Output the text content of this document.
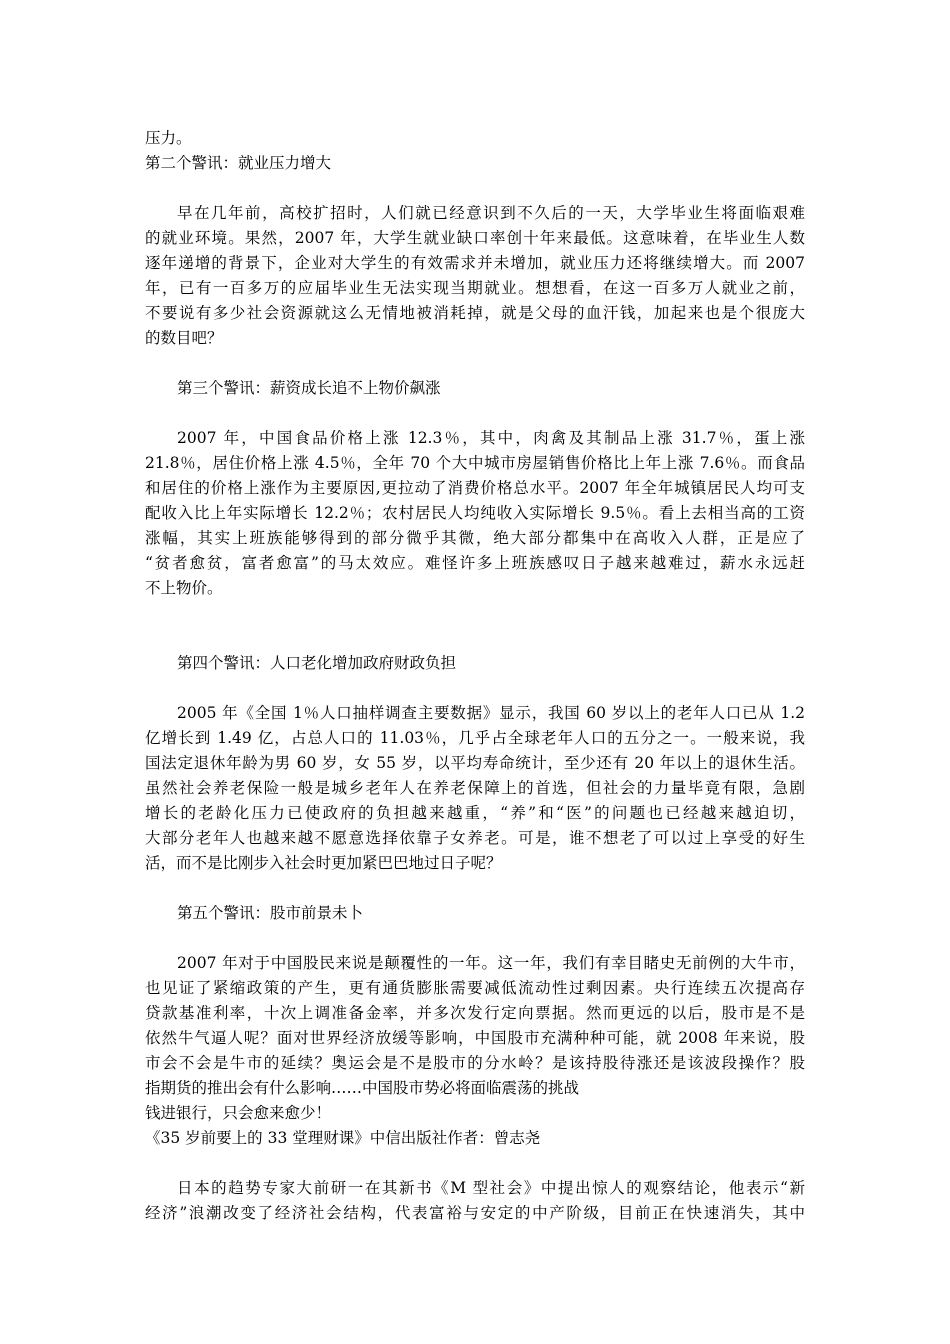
压力。
第二个警讯：就业压力增大
早在几年前，高校扩招时，人们就已经意识到不久后的一天，大学毕业生将面临艰难
的就业环境。果然，2007 年，大学生就业缺口率创十年来最低。这意味着，在毕业生人数
逐年递增的背景下，企业对大学生的有效需求并未增加，就业压力还将继续增大。而 2007
年，已有一百多万的应届毕业生无法实现当期就业。想想看，在这一百多万人就业之前，
不要说有多少社会资源就这么无情地被消耗掉，就是父母的血汗钱，加起来也是个很庞大
的数目吧？
第三个警讯：薪资成长追不上物价飙涨
2007 年，中国食品价格上涨 12.3％，其中，肉禽及其制品上涨 31.7％，蛋上涨
21.8％，居住价格上涨 4.5％，全年 70 个大中城市房屋销售价格比上年上涨 7.6％。而食品
和居住的价格上涨作为主要原因,更拉动了消费价格总水平。2007 年全年城镇居民人均可支
配收入比上年实际增长 12.2％；农村居民人均纯收入实际增长 9.5％。看上去相当高的工资
涨幅，其实上班族能够得到的部分微乎其微，绝大部分都集中在高收入人群，正是应了
“贫者愈贫，富者愈富”的马太效应。难怪许多上班族感叹日子越来越难过，薪水永远赶
不上物价。
第四个警讯：人口老化增加政府财政负担
2005 年《全国 1％人口抽样调查主要数据》显示，我国 60 岁以上的老年人口已从 1.2
亿增长到 1.49 亿，占总人口的 11.03％，几乎占全球老年人口的五分之一。一般来说，我
国法定退休年龄为男 60 岁，女 55 岁，以平均寿命统计，至少还有 20 年以上的退休生活。
虽然社会养老保险一般是城乡老年人在养老保障上的首选，但社会的力量毕竟有限，急剧
增长的老龄化压力已使政府的负担越来越重，“养”和“医”的问题也已经越来越迫切，
大部分老年人也越来越不愿意选择依靠子女养老。可是，谁不想老了可以过上享受的好生
活，而不是比刚步入社会时更加紧巴巴地过日子呢？
第五个警讯：股市前景未卜
2007 年对于中国股民来说是颠覆性的一年。这一年，我们有幸目睹史无前例的大牛市，
也见证了紧缩政策的产生，更有通货膨胀需要减低流动性过剩因素。央行连续五次提高存
贷款基准利率，十次上调准备金率，并多次发行定向票据。然而更远的以后，股市是不是
依然牛气逼人呢？面对世界经济放缓等影响，中国股市充满种种可能，就 2008 年来说，股
市会不会是牛市的延续？奥运会是不是股市的分水岭？是该持股待涨还是该波段操作？股
指期货的推出会有什么影响……中国股市势必将面临震荡的挑战
钱进银行，只会愈来愈少！
《35 岁前要上的 33 堂理财课》中信出版社作者：曾志尧
日本的趋势专家大前研一在其新书《M 型社会》中提出惊人的观察结论，他表示“新
经济”浪潮改变了经济社会结构，代表富裕与安定的中产阶级，目前正在快速消失，其中
